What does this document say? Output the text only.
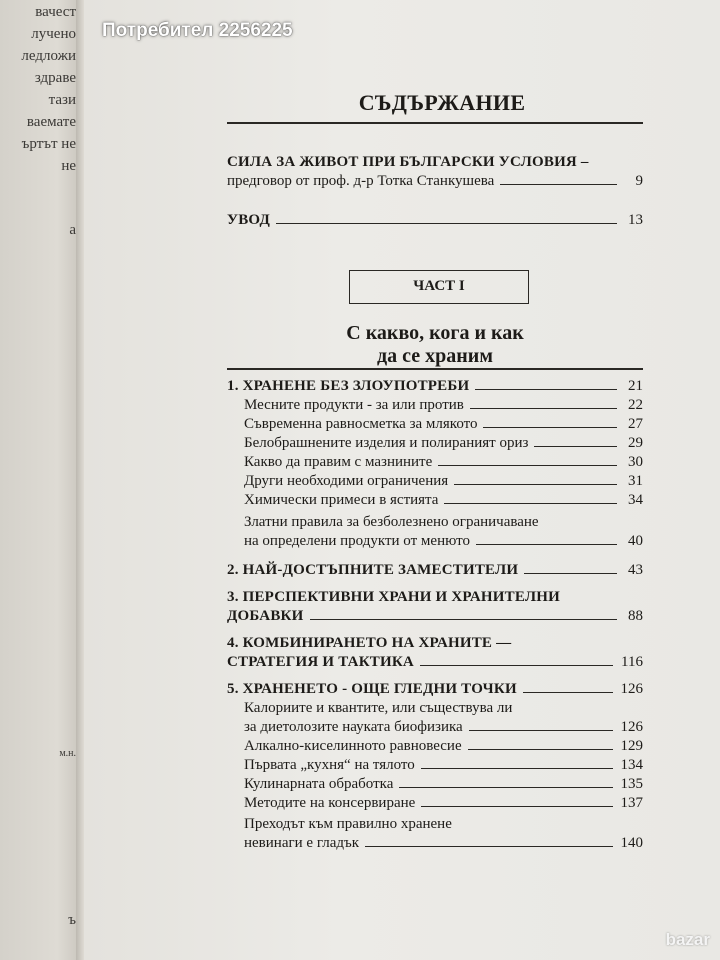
вачест
лучено
ледложи
здраве
тази
ваемате
ъртът не
не
а
м.н.
ъ
Потребител 2256225
СЪДЪРЖАНИЕ
СИЛА ЗА ЖИВОТ ПРИ БЪЛГАРСКИ УСЛОВИЯ –
предговор от проф. д-р Тотка Станкушева	9
УВОД	13
ЧАСТ I
С какво, кога и как
да се храним
1. ХРАНЕНЕ БЕЗ ЗЛОУПОТРЕБИ	21
Месните продукти - за или против	22
Съвременна равносметка за млякото	27
Белобрашнените изделия и полираният ориз	29
Какво да правим с мазнините	30
Други необходими ограничения	31
Химически примеси в ястията	34
Златни правила за безболезнено ограничаване
на определени продукти от менюто	40
2. НАЙ-ДОСТЪПНИТЕ ЗАМЕСТИТЕЛИ	43
3. ПЕРСПЕКТИВНИ ХРАНИ И ХРАНИТЕЛНИ
ДОБАВКИ	88
4. КОМБИНИРАНЕТО НА ХРАНИТЕ —
СТРАТЕГИЯ И ТАКТИКА	116
5. ХРАНЕНЕТО - ОЩЕ ГЛЕДНИ ТОЧКИ	126
Калориите и квантите, или съществува ли
за диетолозите науката биофизика	126
Алкално-киселинното равновесие	129
Първата „кухня“ на тялото	134
Кулинарната обработка	135
Методите на консервиране	137
Преходът към правилно хранене
невинаги е гладък	140
bazar
